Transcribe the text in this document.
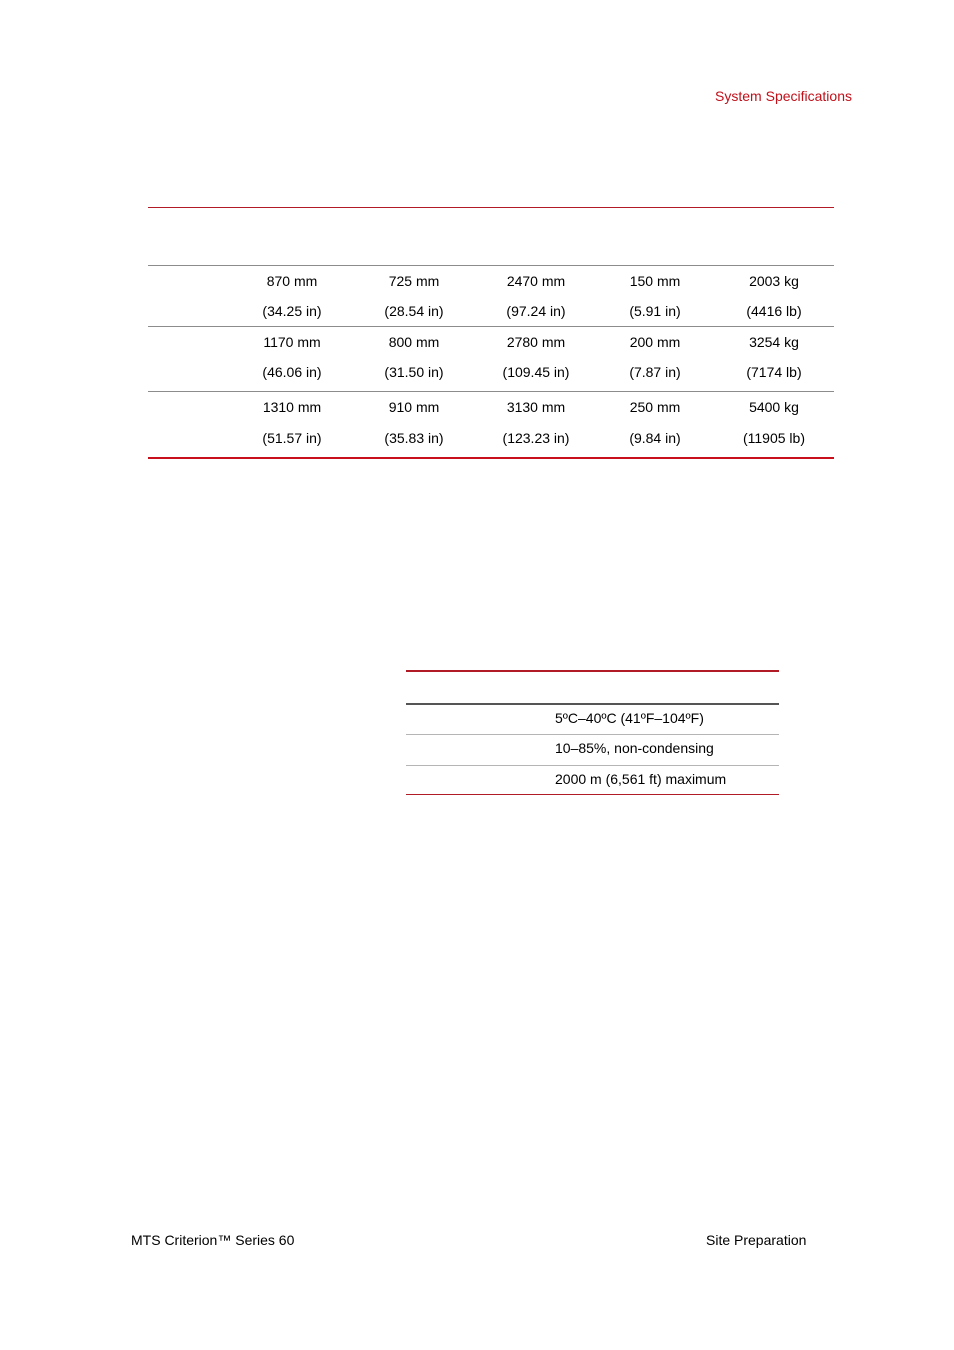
System Specifications
870 mm
(34.25 in)
725 mm
(28.54 in)
2470 mm
(97.24 in)
150 mm
(5.91 in)
2003 kg
(4416 lb)
1170 mm
(46.06 in)
800 mm
(31.50 in)
2780 mm
(109.45 in)
200 mm
(7.87 in)
3254 kg
(7174 lb)
1310 mm
(51.57 in)
910 mm
(35.83 in)
3130 mm
(123.23 in)
250 mm
(9.84 in)
5400 kg
(11905 lb)
5ºC–40ºC (41ºF–104ºF)
10–85%, non-condensing
2000 m (6,561 ft) maximum
MTS Criterion™ Series 60	Site Preparation
